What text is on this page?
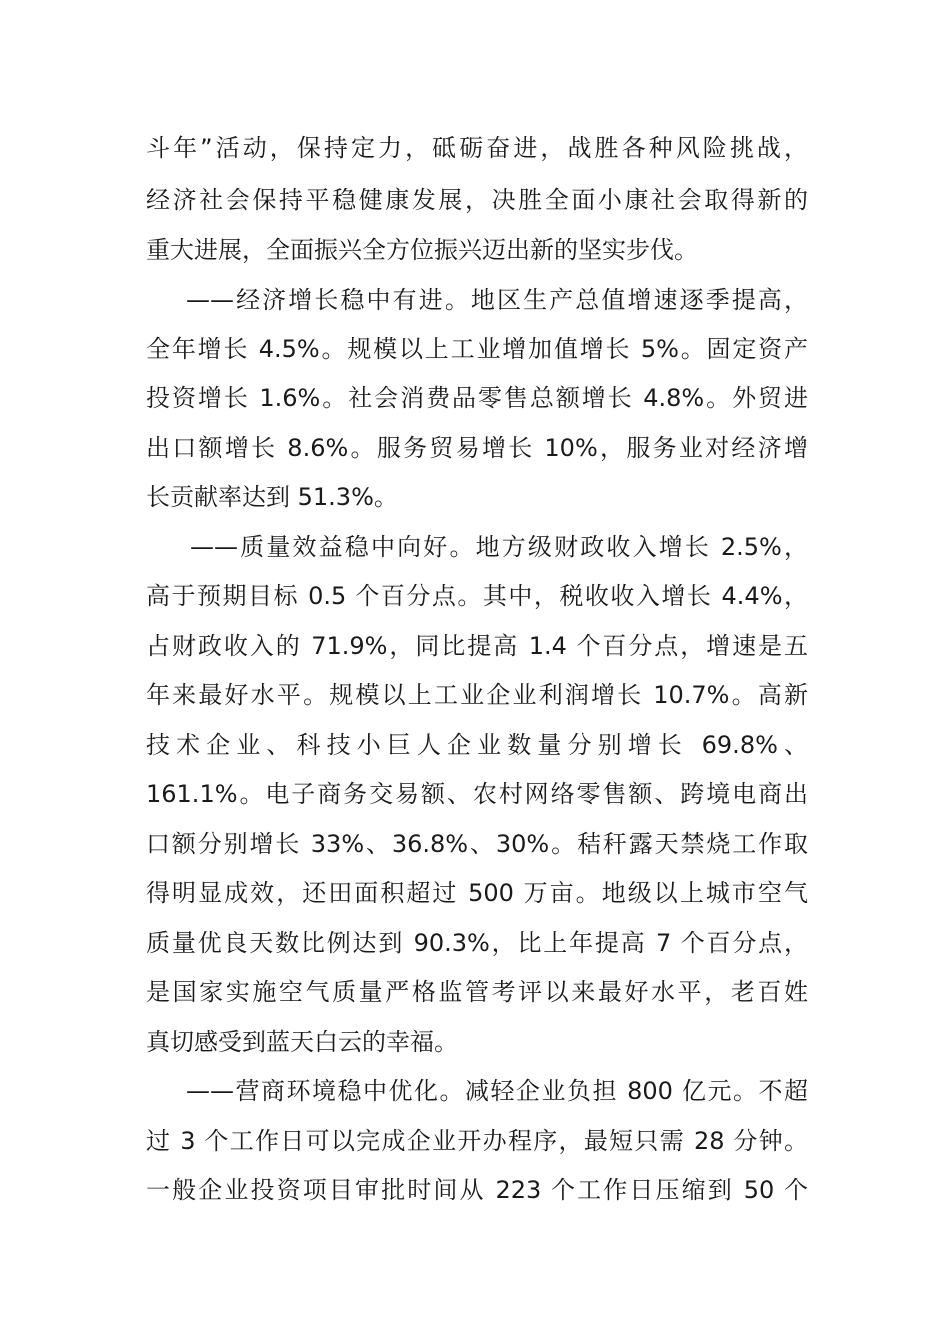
斗年”活动，保持定力，砥砺奋进，战胜各种风险挑战，
经济社会保持平稳健康发展，决胜全面小康社会取得新的
重大进展，全面振兴全方位振兴迈出新的坚实步伐。
——经济增长稳中有进。地区生产总值增速逐季提高，
全年增长 4.5%。规模以上工业增加值增长 5%。固定资产
投资增长 1.6%。社会消费品零售总额增长 4.8%。外贸进
出口额增长 8.6%。服务贸易增长 10%，服务业对经济增
长贡献率达到 51.3%。
——质量效益稳中向好。地方级财政收入增长 2.5%，
高于预期目标 0.5 个百分点。其中，税收收入增长 4.4%，
占财政收入的 71.9%，同比提高 1.4 个百分点，增速是五
年来最好水平。规模以上工业企业利润增长 10.7%。高新
技术企业、科技小巨人企业数量分别增长 69.8%、
161.1%。电子商务交易额、农村网络零售额、跨境电商出
口额分别增长 33%、36.8%、30%。秸秆露天禁烧工作取
得明显成效，还田面积超过 500 万亩。地级以上城市空气
质量优良天数比例达到 90.3%，比上年提高 7 个百分点，
是国家实施空气质量严格监管考评以来最好水平，老百姓
真切感受到蓝天白云的幸福。
——营商环境稳中优化。减轻企业负担 800 亿元。不超
过 3 个工作日可以完成企业开办程序，最短只需 28 分钟。
一般企业投资项目审批时间从 223 个工作日压缩到 50 个
